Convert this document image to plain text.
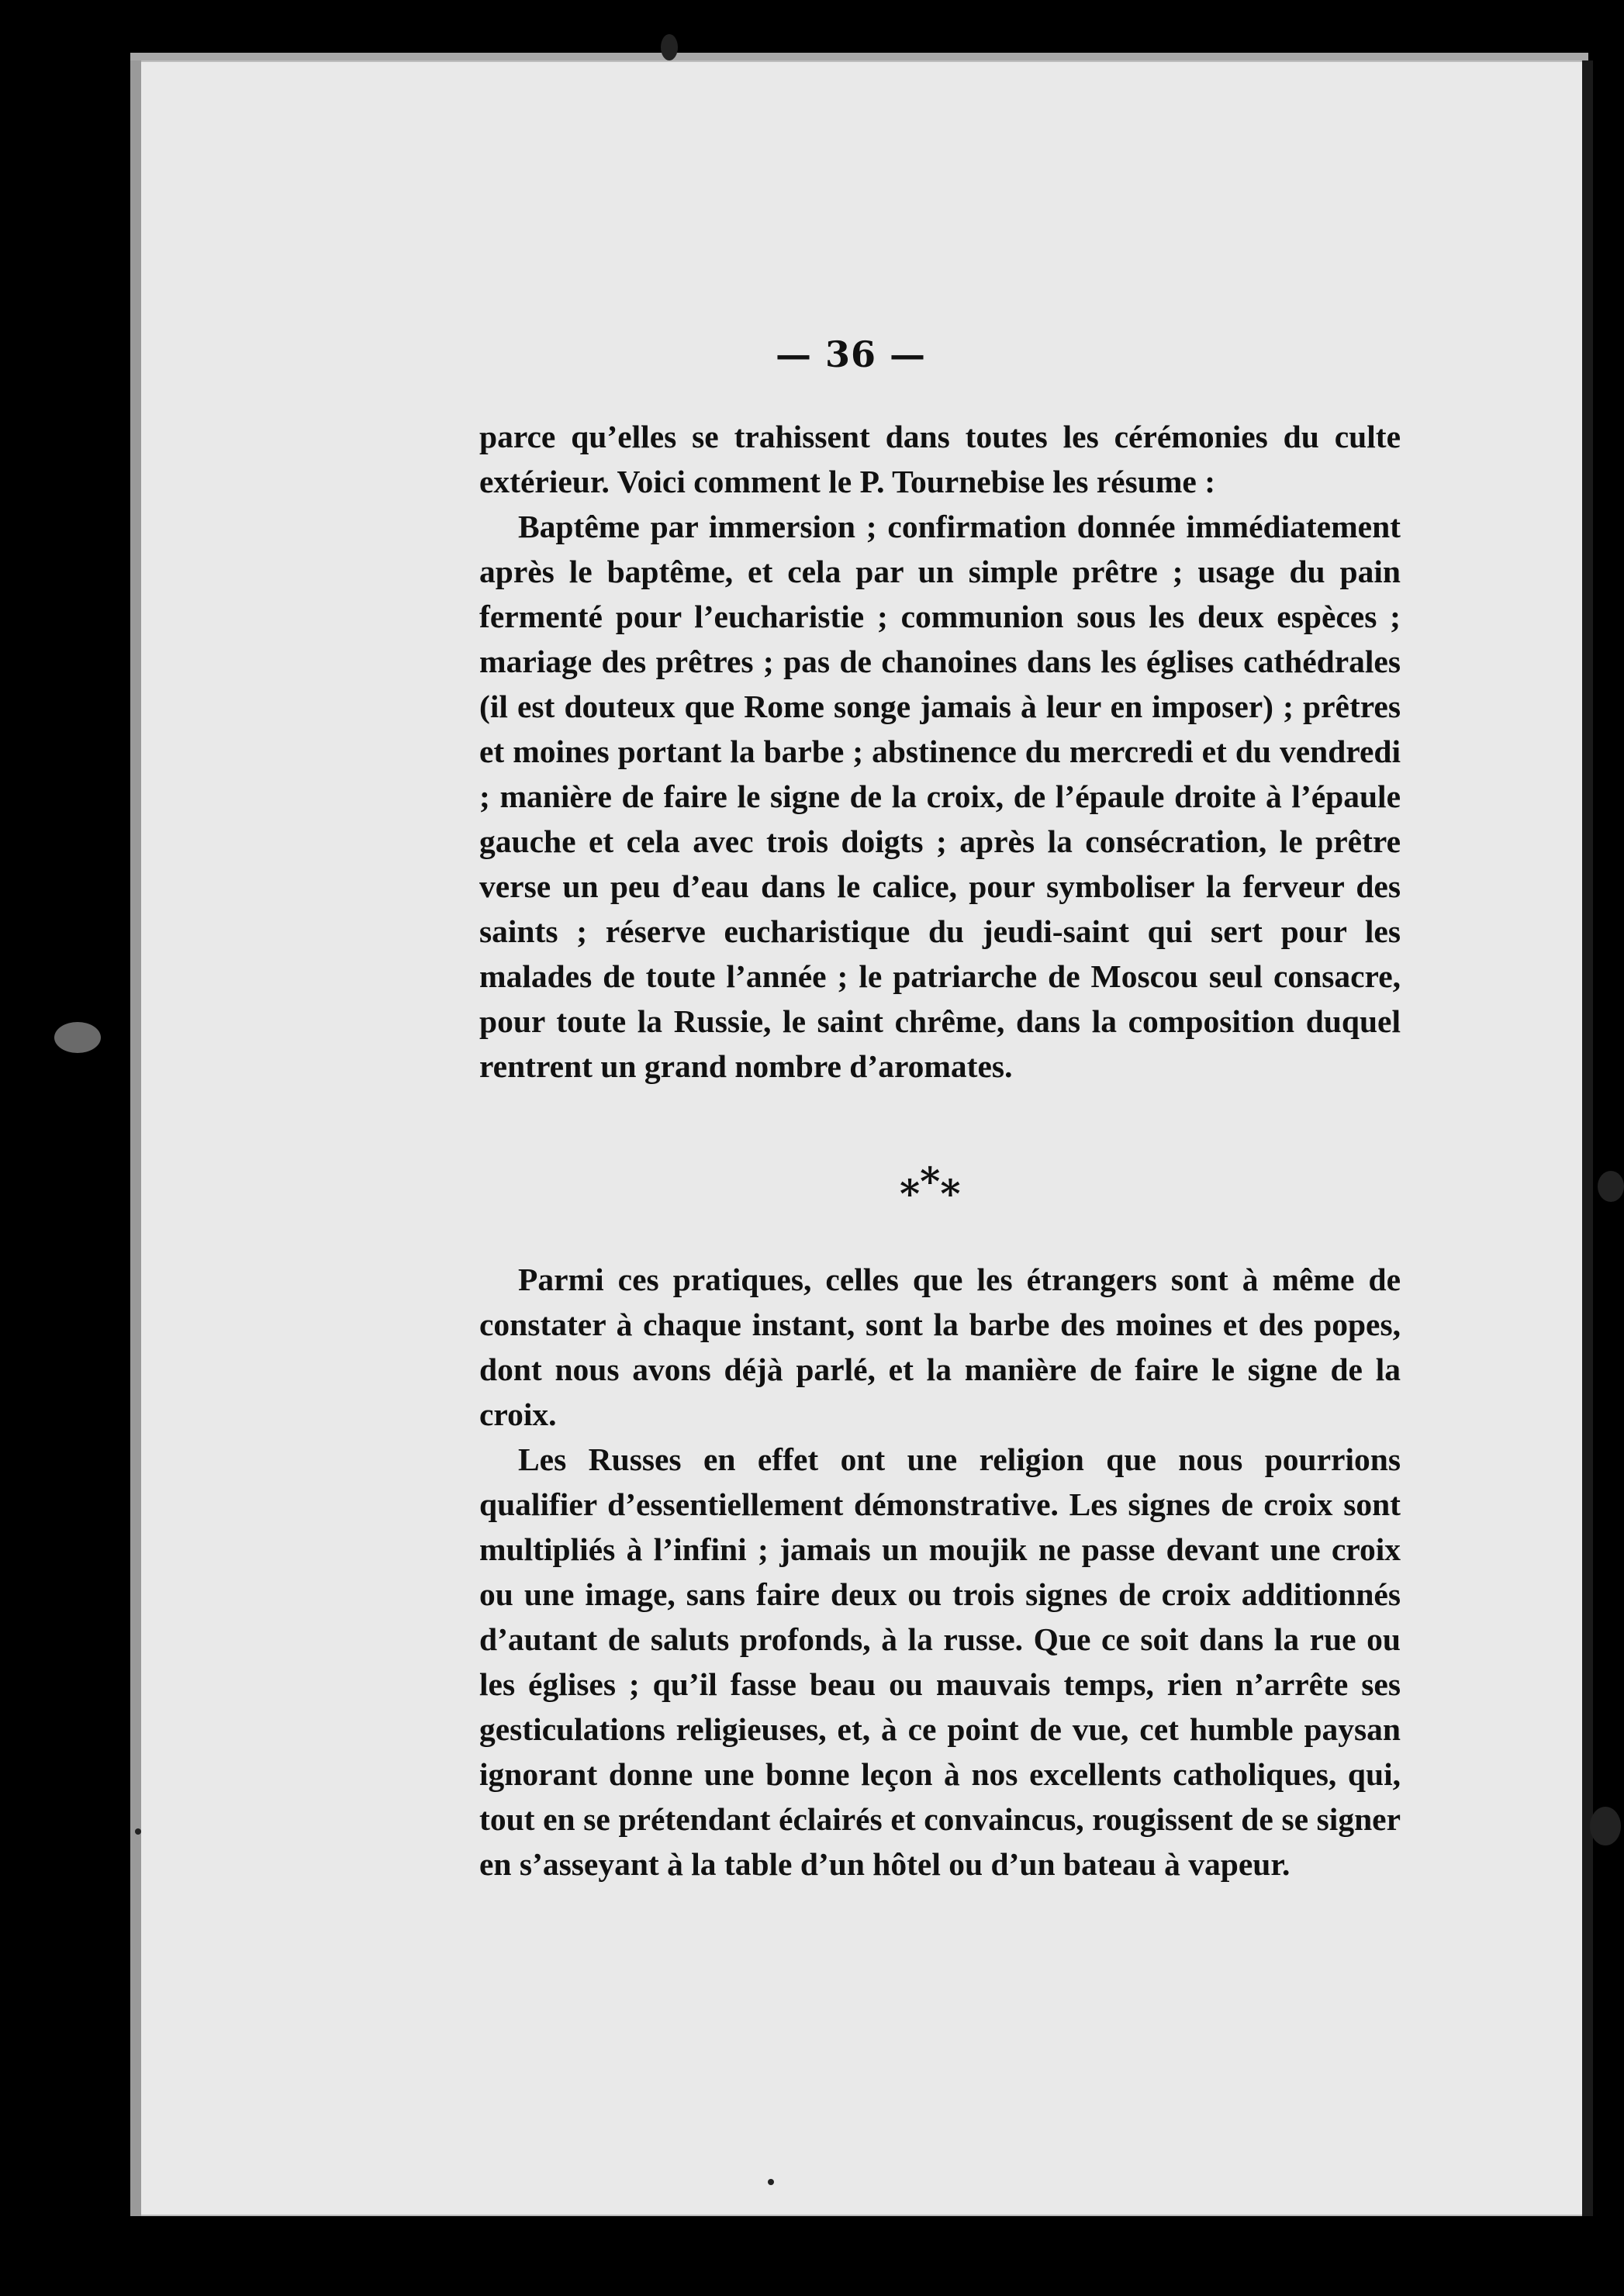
— 36 —

parce qu’elles se trahissent dans toutes les cérémonies du culte extérieur. Voici comment le P. Tournebise les résume :

Baptême par immersion ; confirmation donnée immédiatement après le baptême, et cela par un simple prêtre ; usage du pain fermenté pour l’eucharistie ; communion sous les deux espèces ; mariage des prêtres ; pas de chanoines dans les églises cathédrales (il est douteux que Rome songe jamais à leur en imposer) ; prêtres et moines portant la barbe ; abstinence du mercredi et du vendredi ; manière de faire le signe de la croix, de l’épaule droite à l’épaule gauche et cela avec trois doigts ; après la consécration, le prêtre verse un peu d’eau dans le calice, pour symboliser la ferveur des saints ; réserve eucharistique du jeudi-saint qui sert pour les malades de toute l’année ; le patriarche de Moscou seul consacre, pour toute la Russie, le saint chrême, dans la composition duquel rentrent un grand nombre d’aromates.

***

Parmi ces pratiques, celles que les étrangers sont à même de constater à chaque instant, sont la barbe des moines et des popes, dont nous avons déjà parlé, et la manière de faire le signe de la croix.

Les Russes en effet ont une religion que nous pourrions qualifier d’essentiellement démonstrative. Les signes de croix sont multipliés à l’infini ; jamais un moujik ne passe devant une croix ou une image, sans faire deux ou trois signes de croix additionnés d’autant de saluts profonds, à la russe. Que ce soit dans la rue ou les églises ; qu’il fasse beau ou mauvais temps, rien n’arrête ses gesticulations religieuses, et, à ce point de vue, cet humble paysan ignorant donne une bonne leçon à nos excellents catholiques, qui, tout en se prétendant éclairés et convaincus, rougissent de se signer en s’asseyant à la table d’un hôtel ou d’un bateau à vapeur.
